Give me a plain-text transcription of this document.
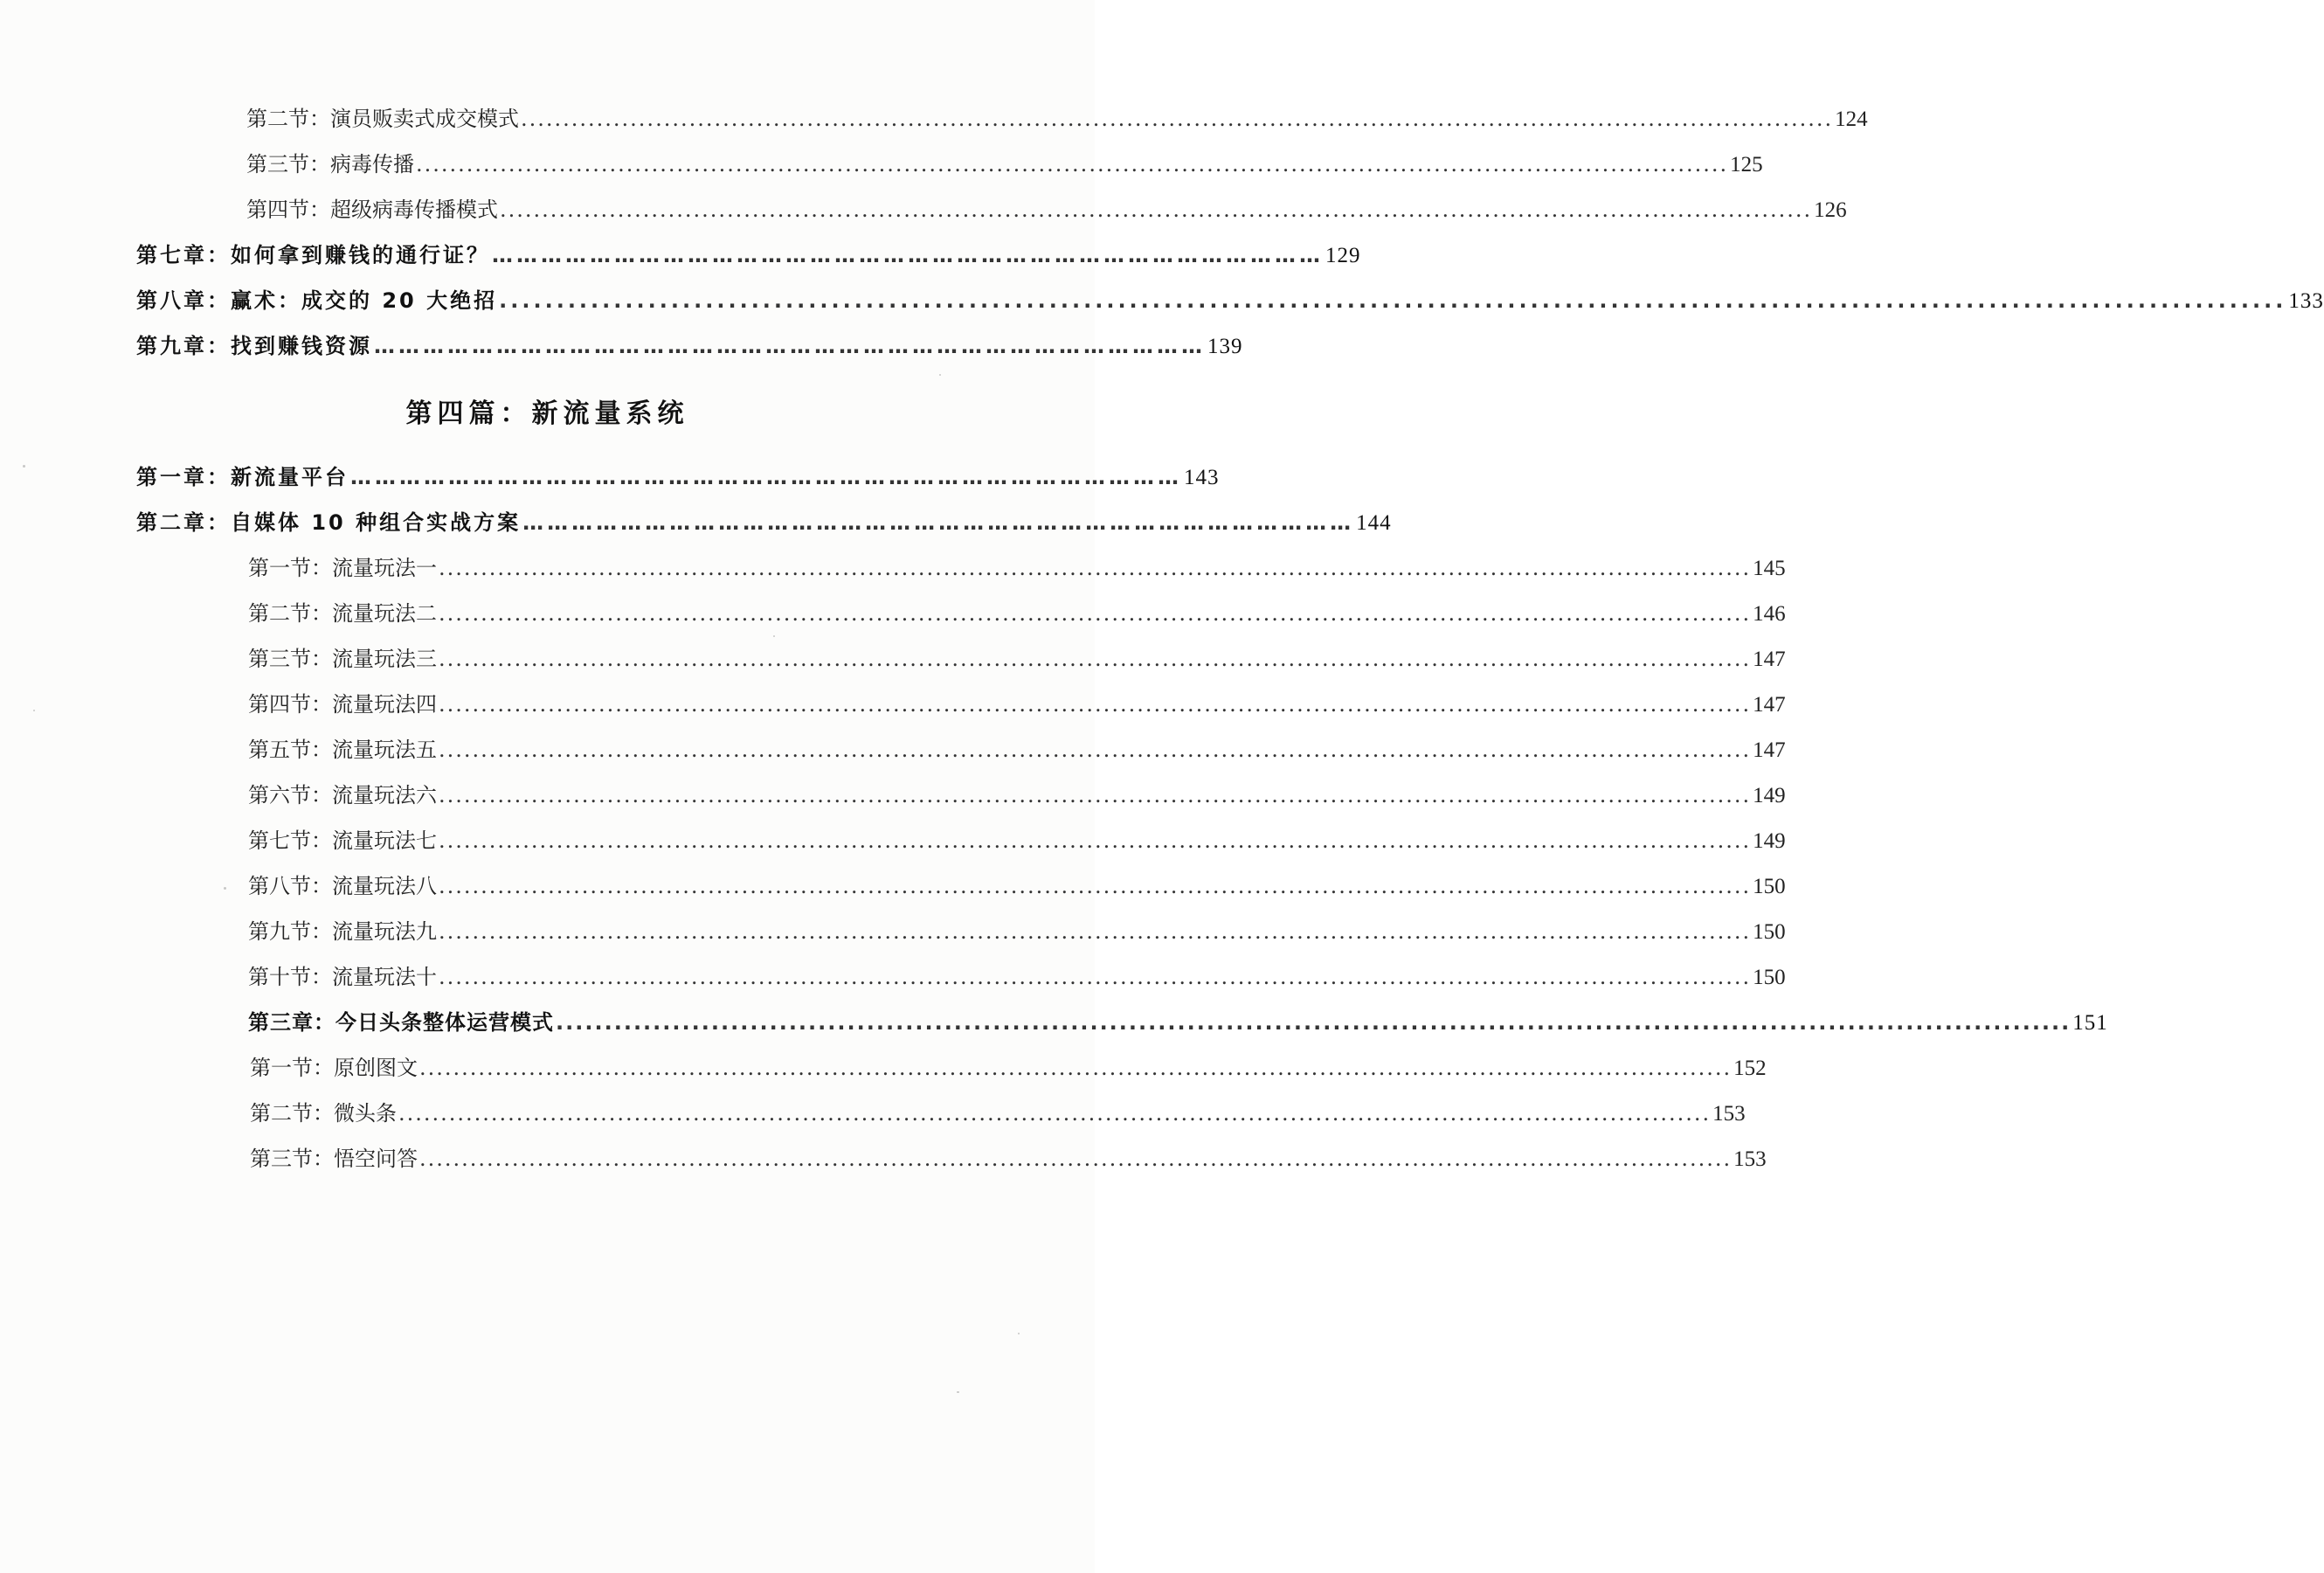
第二节：演员贩卖式成交模式 ............................................................................................................................................................ 124
第三节：病毒传播 ............................................................................................................................................................ 125
第四节：超级病毒传播模式 ............................................................................................................................................................ 126
第七章：如何拿到赚钱的通行证？ ………………………………………………………………………………………… 129
第八章：赢术：成交的 20 大绝招 ............................................................................................................................................................ 133
第九章：找到赚钱资源 ………………………………………………………………………………………… 139
第四篇：新流量系统
第一章：新流量平台 ………………………………………………………………………………………… 143
第二章：自媒体 10 种组合实战方案 ………………………………………………………………………………………… 144
第一节：流量玩法一 ............................................................................................................................................................ 145
第二节：流量玩法二 ............................................................................................................................................................ 146
第三节：流量玩法三 ............................................................................................................................................................ 147
第四节：流量玩法四 ............................................................................................................................................................ 147
第五节：流量玩法五 ............................................................................................................................................................ 147
第六节：流量玩法六 ............................................................................................................................................................ 149
第七节：流量玩法七 ............................................................................................................................................................ 149
第八节：流量玩法八 ............................................................................................................................................................ 150
第九节：流量玩法九 ............................................................................................................................................................ 150
第十节：流量玩法十 ............................................................................................................................................................ 150
第三章：今日头条整体运营模式 ............................................................................................................................................................ 151
第一节：原创图文 ............................................................................................................................................................ 152
第二节：微头条 ............................................................................................................................................................ 153
第三节：悟空问答 ............................................................................................................................................................ 153
